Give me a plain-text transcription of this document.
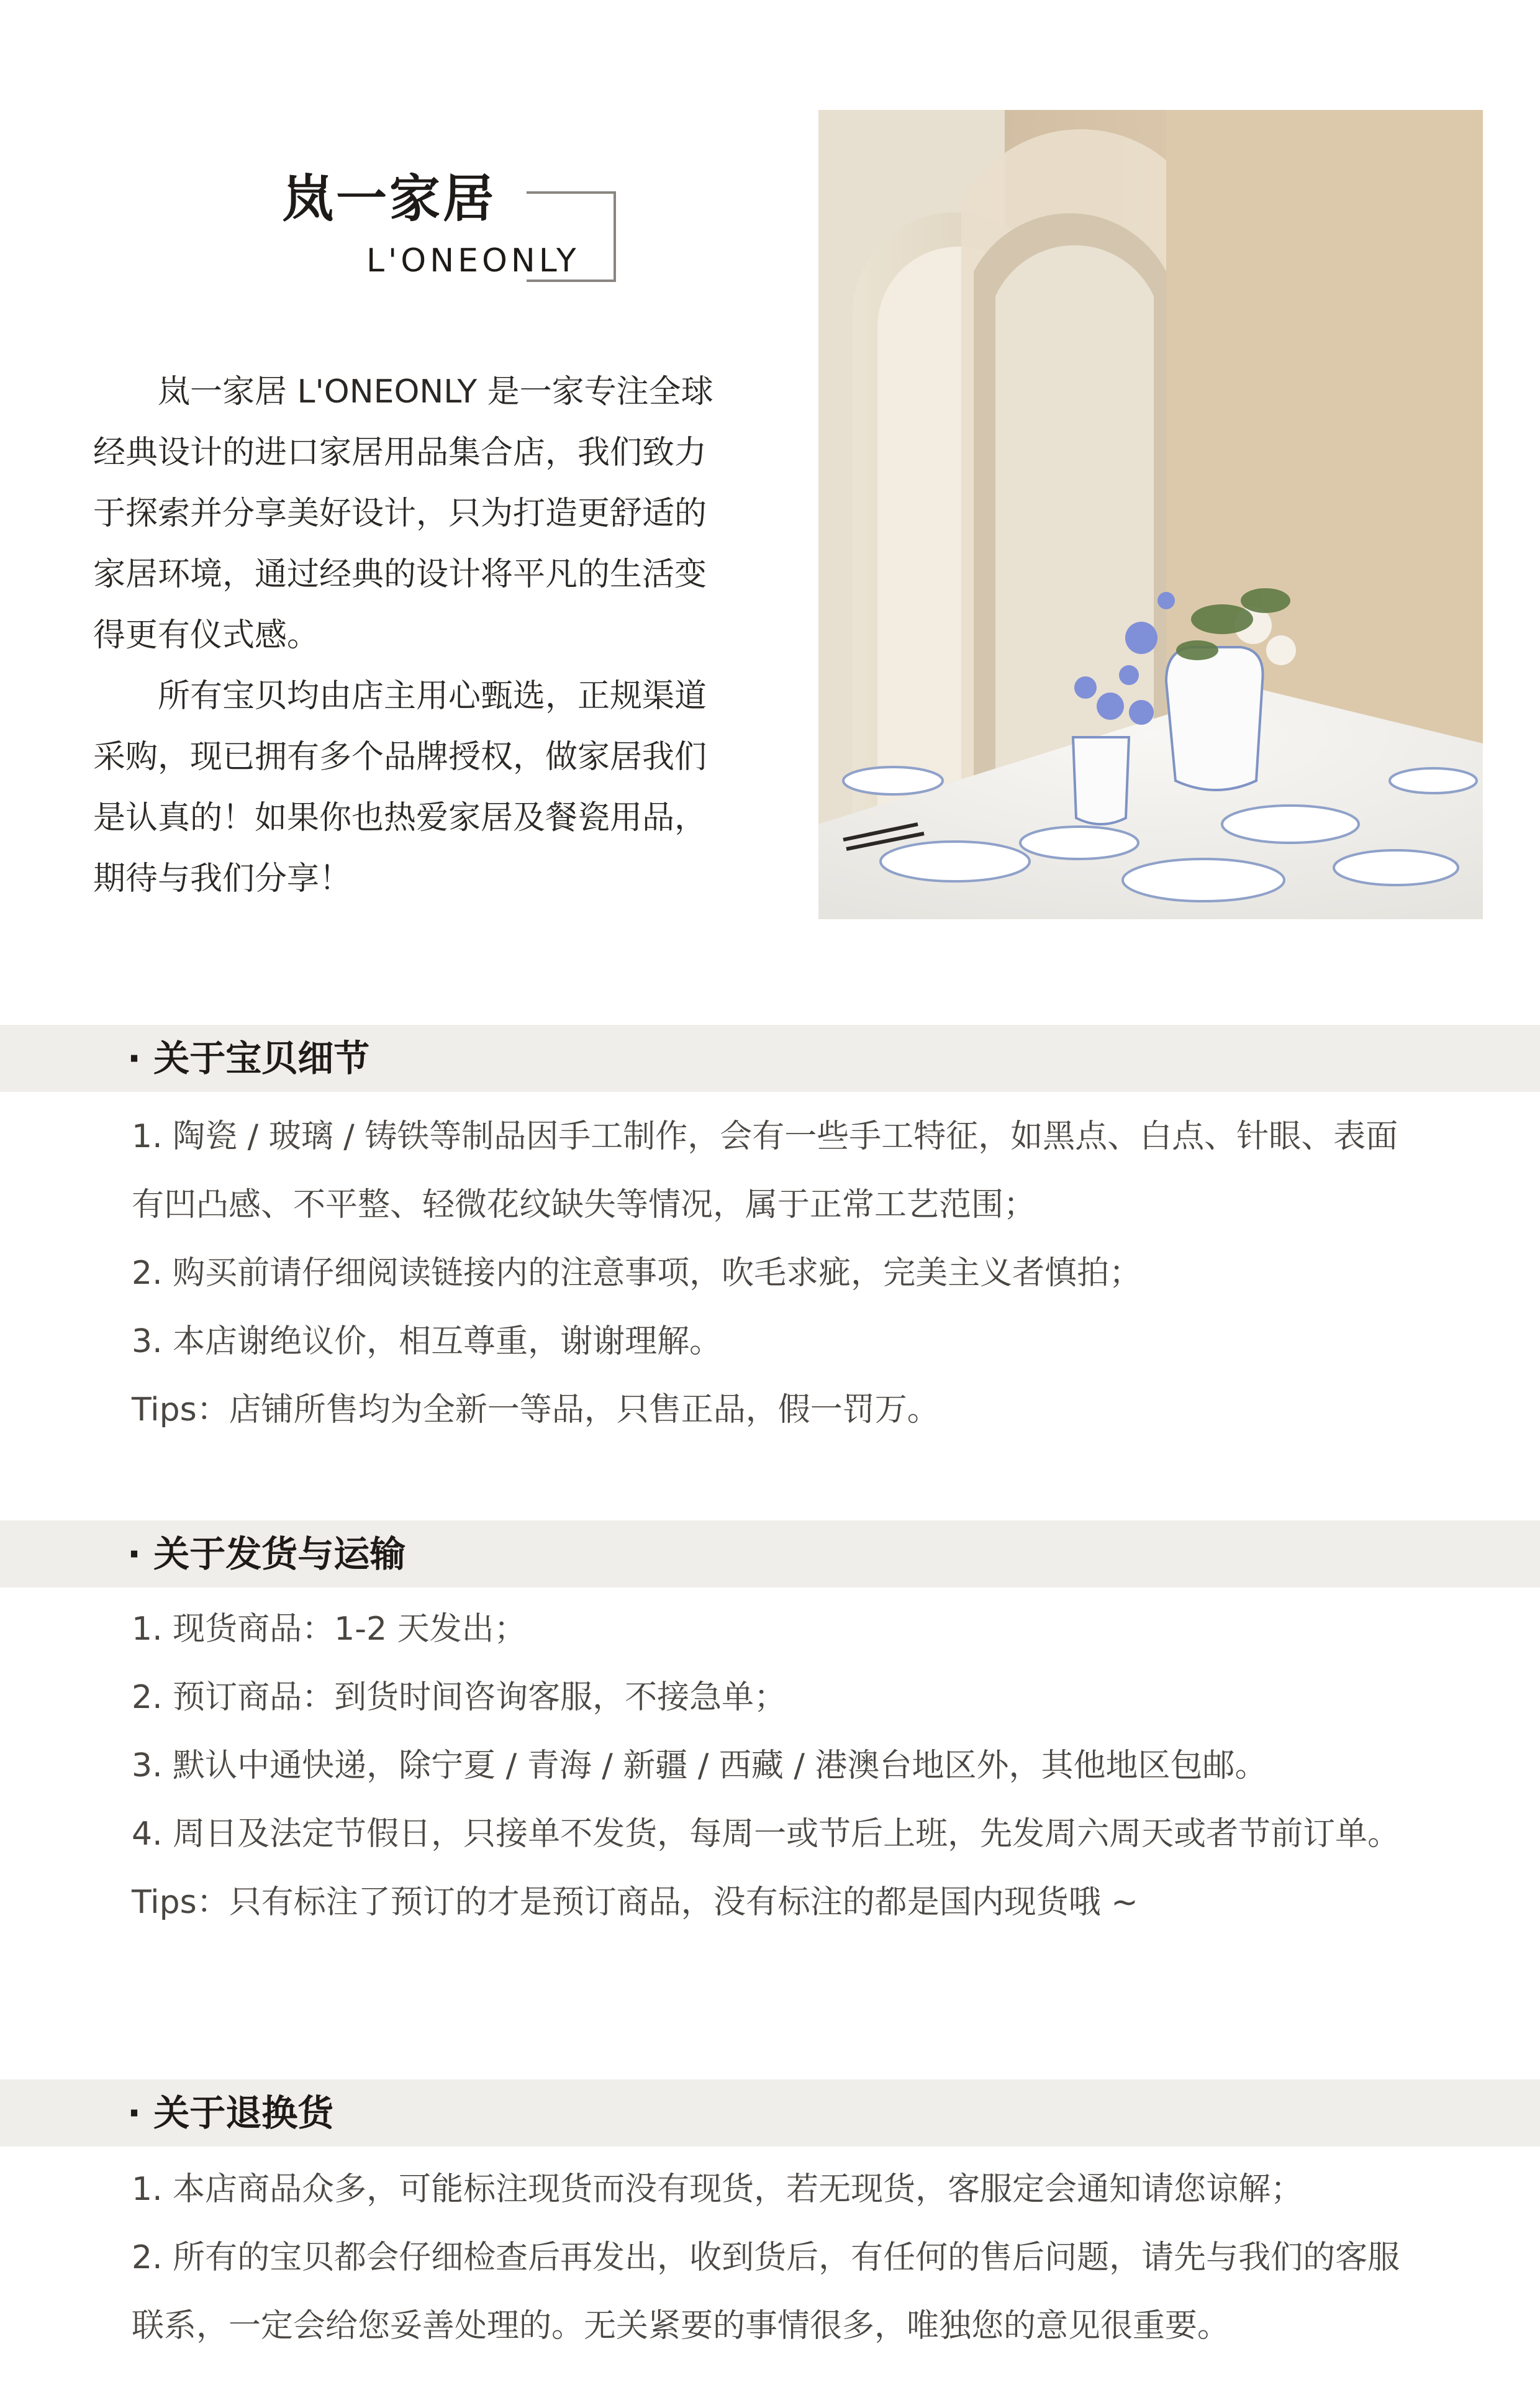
岚一家居
L'ONEONLY

岚一家居 L'ONEONLY 是一家专注全球经典设计的进口家居用品集合店，我们致力于探索并分享美好设计，只为打造更舒适的家居环境，通过经典的设计将平凡的生活变得更有仪式感。

所有宝贝均由店主用心甄选，正规渠道采购，现已拥有多个品牌授权，做家居我们是认真的！如果你也热爱家居及餐瓷用品，期待与我们分享！

· 关于宝贝细节
1. 陶瓷 / 玻璃 / 铸铁等制品因手工制作，会有一些手工特征，如黑点、白点、针眼、表面有凹凸感、不平整、轻微花纹缺失等情况，属于正常工艺范围；
2. 购买前请仔细阅读链接内的注意事项，吹毛求疵，完美主义者慎拍；
3. 本店谢绝议价，相互尊重，谢谢理解。
Tips：店铺所售均为全新一等品，只售正品，假一罚万。
· 关于发货与运输
1. 现货商品：1-2 天发出；
2. 预订商品：到货时间咨询客服，不接急单；
3. 默认中通快递，除宁夏 / 青海 / 新疆 / 西藏 / 港澳台地区外，其他地区包邮。
4. 周日及法定节假日，只接单不发货，每周一或节后上班，先发周六周天或者节前订单。
Tips：只有标注了预订的才是预订商品，没有标注的都是国内现货哦 ~
· 关于退换货
1. 本店商品众多，可能标注现货而没有现货，若无现货，客服定会通知请您谅解；
2. 所有的宝贝都会仔细检查后再发出，收到货后，有任何的售后问题，请先与我们的客服联系，一定会给您妥善处理的。无关紧要的事情很多，唯独您的意见很重要。
